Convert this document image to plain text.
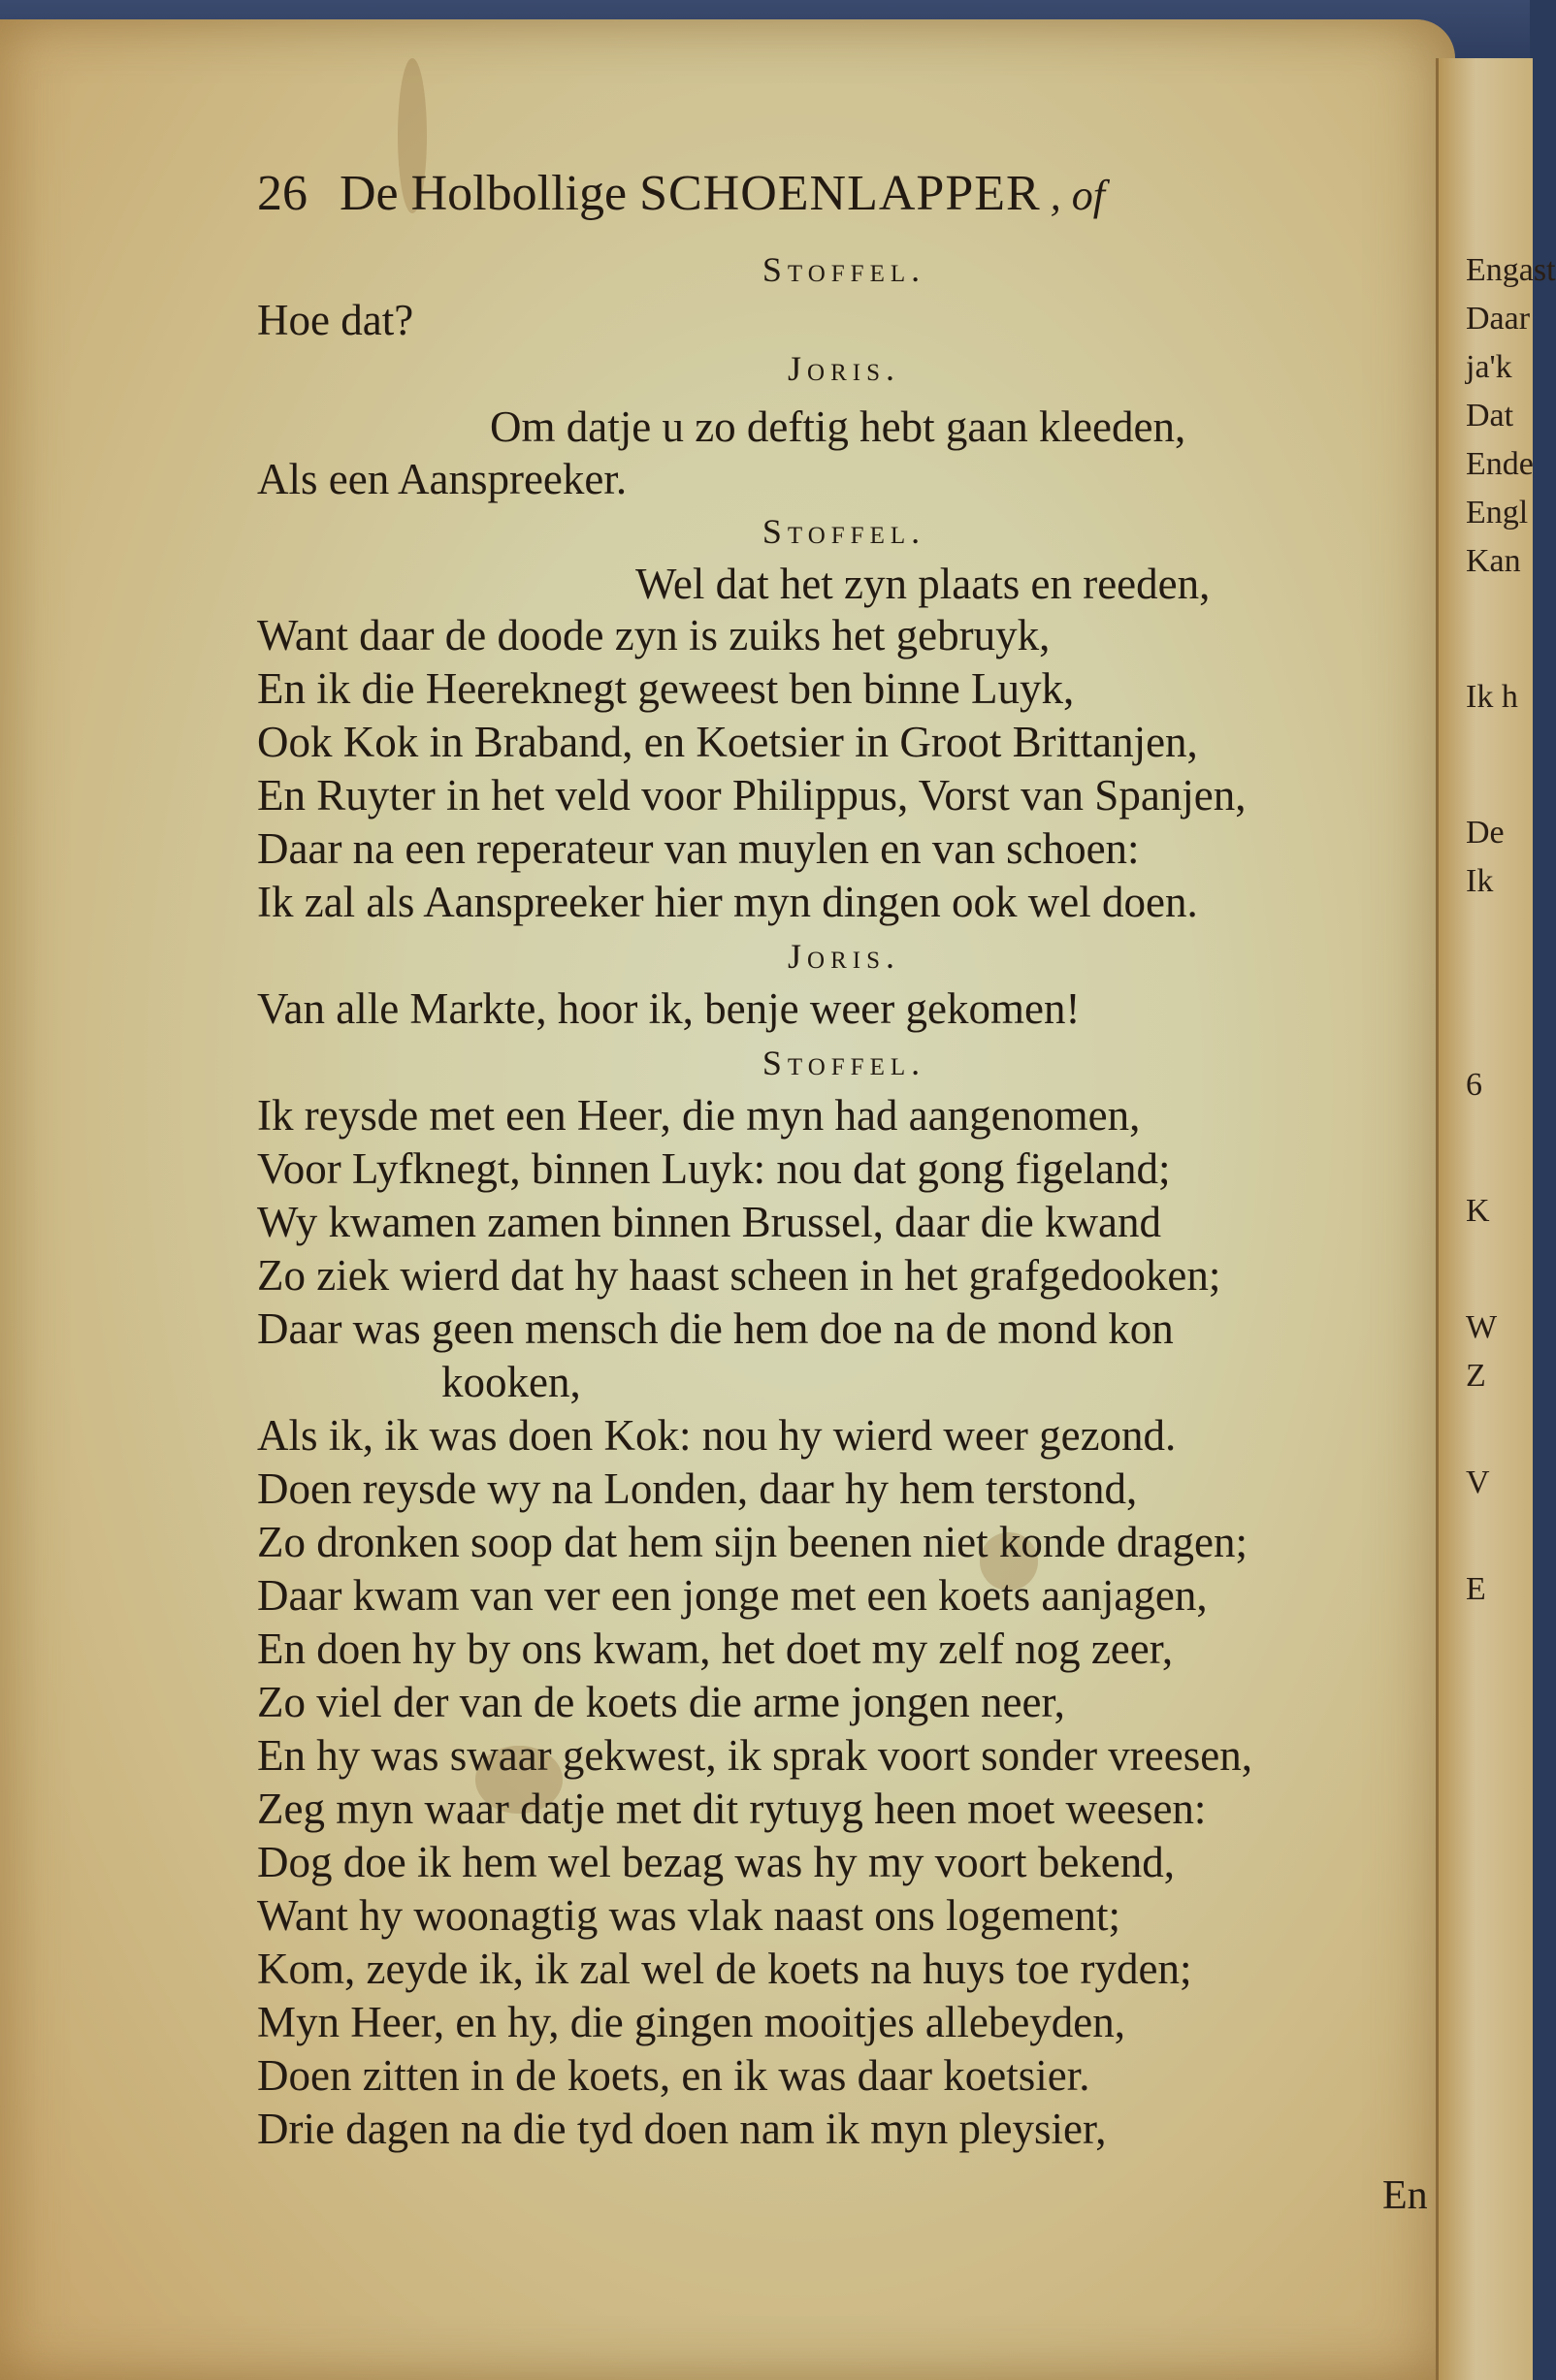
26 De Holbollige SCHOENLAPPER , of
Stoffel.
Hoe dat?
Joris.
Om datje u zo deftig hebt gaan kleeden,
Als een Aanspreeker.
Stoffel.
Wel dat het zyn plaats en reeden,
Want daar de doode zyn is zuiks het gebruyk,
En ik die Heereknegt geweest ben binne Luyk,
Ook Kok in Braband, en Koetsier in Groot Brittanjen,
En Ruyter in het veld voor Philippus, Vorst van Spanjen,
Daar na een reperateur van muylen en van schoen:
Ik zal als Aanspreeker hier myn dingen ook wel doen.
Joris.
Van alle Markte, hoor ik, benje weer gekomen!
Stoffel.
Ik reysde met een Heer, die myn had aangenomen,
Voor Lyfknegt, binnen Luyk: nou dat gong figeland;
Wy kwamen zamen binnen Brussel, daar die kwand
Zo ziek wierd dat hy haast scheen in het grafgedooken;
Daar was geen mensch die hem doe na de mond kon
kooken,
Als ik, ik was doen Kok: nou hy wierd weer gezond.
Doen reysde wy na Londen, daar hy hem terstond,
Zo dronken soop dat hem sijn beenen niet konde dragen;
Daar kwam van ver een jonge met een koets aanjagen,
En doen hy by ons kwam, het doet my zelf nog zeer,
Zo viel der van de koets die arme jongen neer,
En hy was swaar gekwest, ik sprak voort sonder vreesen,
Zeg myn waar datje met dit rytuyg heen moet weesen:
Dog doe ik hem wel bezag was hy my voort bekend,
Want hy woonagtig was vlak naast ons logement;
Kom, zeyde ik, ik zal wel de koets na huys toe ryden;
Myn Heer, en hy, die gingen mooitjes allebeyden,
Doen zitten in de koets, en ik was daar koetsier.
Drie dagen na die tyd doen nam ik myn pleysier,
En
Engast
Daar
ja'k
Dat
Ende
Engl
Kan
Ik h
De
Ik
6
K
W
Z
V
E
